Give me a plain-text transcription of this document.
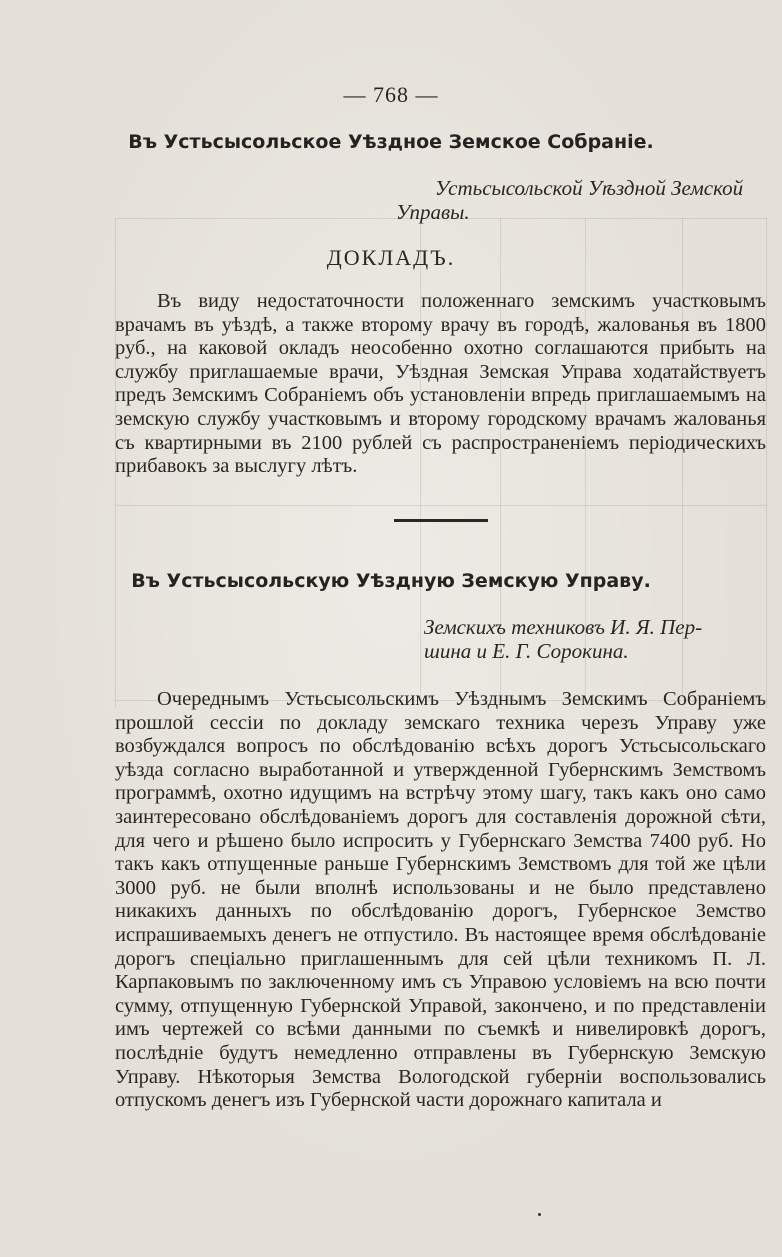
— 768 —
Въ Устьсысольское Уѣздное Земское Собраніе.
Устьсысольской Уѣздной Земской
Управы.
ДОКЛАДЪ.

Въ виду недостаточности положеннаго земскимъ участковымъ врачамъ въ уѣздѣ, а также второму врачу въ городѣ, жалованья въ 1800 руб., на каковой окладъ неособенно охотно соглашаются прибыть на службу приглашаемые врачи, Уѣздная Земская Управа ходатайствуетъ предъ Земскимъ Собраніемъ объ установленіи впредь приглашаемымъ на земскую службу участковымъ и второму городскому врачамъ жалованья съ квартирными въ 2100 рублей съ распространеніемъ періодическихъ прибавокъ за выслугу лѣтъ.

Въ Устьсысольскую Уѣздную Земскую Управу.
Земскихъ техниковъ И. Я. Пер-
шина и Е. Г. Сорокина.

Очереднымъ Устьсысольскимъ Уѣзднымъ Земскимъ Собраніемъ прошлой сессіи по докладу земскаго техника черезъ Управу уже возбуждался вопросъ по обслѣдованію всѣхъ дорогъ Устьсысольскаго уѣзда согласно выработанной и утвержденной Губернскимъ Земствомъ программѣ, охотно идущимъ на встрѣчу этому шагу, такъ какъ оно само заинтересовано обслѣдованіемъ дорогъ для составленія дорожной сѣти, для чего и рѣшено было испросить у Губернскаго Земства 7400 руб. Но такъ какъ отпущенные раньше Губернскимъ Земствомъ для той же цѣли 3000 руб. не были вполнѣ использованы и не было представлено никакихъ данныхъ по обслѣдованію дорогъ, Губернское Земство испрашиваемыхъ денегъ не отпустило. Въ настоящее время обслѣдованіе дорогъ спеціально приглашеннымъ для сей цѣли техникомъ П. Л. Карпаковымъ по заключенному имъ съ Управою условіемъ на всю почти сумму, отпущенную Губернской Управой, закончено, и по представленіи имъ чертежей со всѣми данными по съемкѣ и нивелировкѣ дорогъ, послѣдніе будутъ немедленно отправлены въ Губернскую Земскую Управу. Нѣкоторыя Земства Вологодской губерніи воспользовались отпускомъ денегъ изъ Губернской части дорожнаго капитала и
